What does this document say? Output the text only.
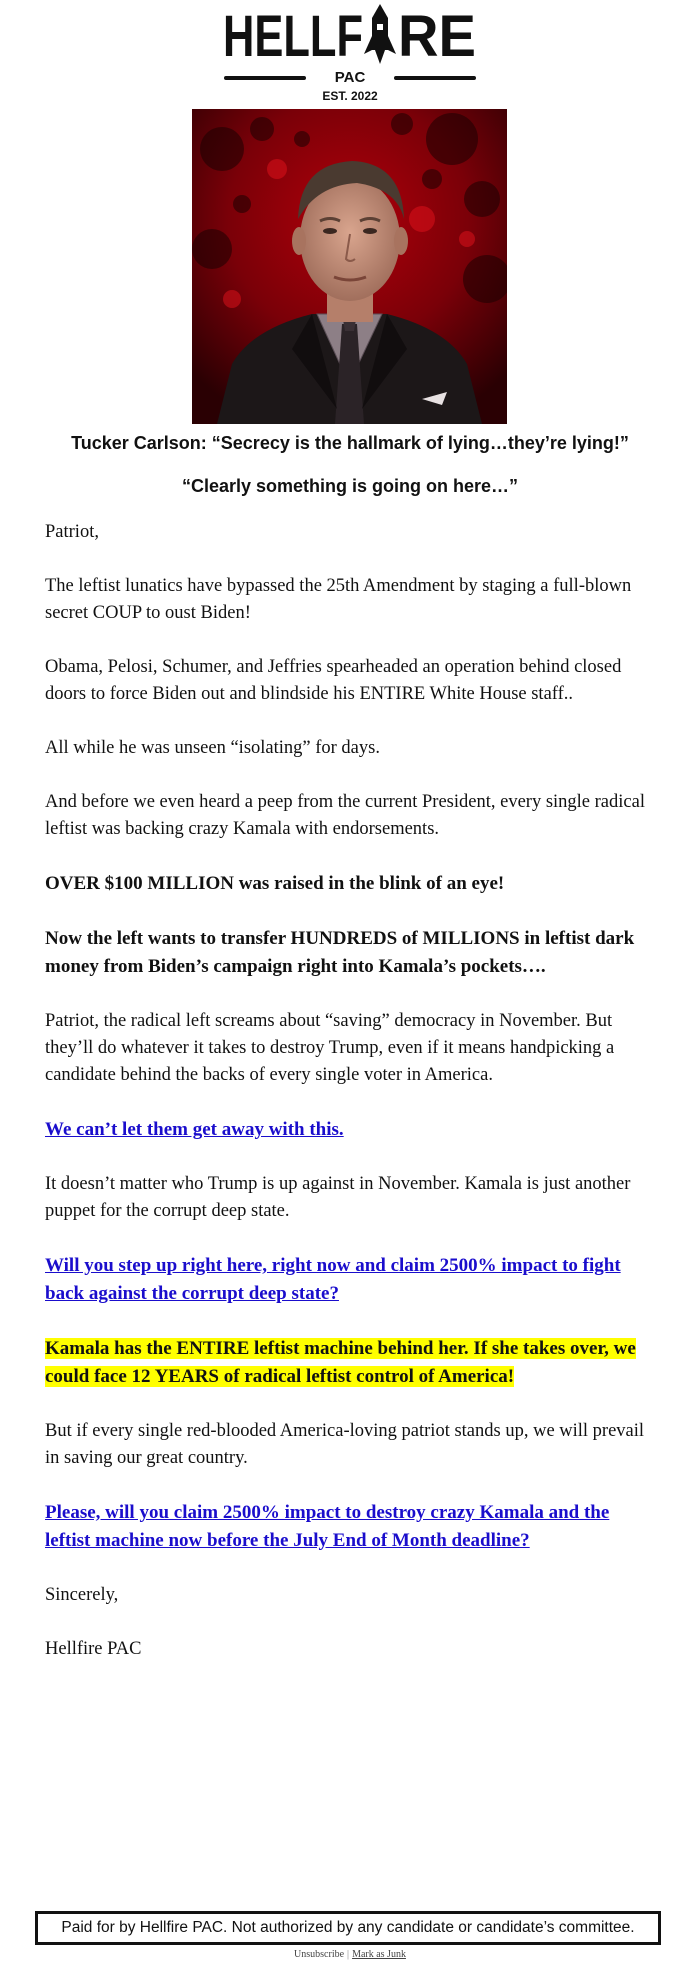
HELLF RE
PAC
EST. 2022
Tucker Carlson: “Secrecy is the hallmark of lying…they’re lying!”
“Clearly something is going on here…”

Patriot,

The leftist lunatics have bypassed the 25th Amendment by staging a full-blown secret COUP to oust Biden!

Obama, Pelosi, Schumer, and Jeffries spearheaded an operation behind closed doors to force Biden out and blindside his ENTIRE White House staff..

All while he was unseen “isolating” for days.

And before we even heard a peep from the current President, every single radical leftist was backing crazy Kamala with endorsements.

OVER $100 MILLION was raised in the blink of an eye!

Now the left wants to transfer HUNDREDS of MILLIONS in leftist dark money from Biden’s campaign right into Kamala’s pockets….

Patriot, the radical left screams about “saving” democracy in November. But they’ll do whatever it takes to destroy Trump, even if it means handpicking a candidate behind the backs of every single voter in America.

We can’t let them get away with this.

It doesn’t matter who Trump is up against in November. Kamala is just another puppet for the corrupt deep state.

Will you step up right here, right now and claim 2500% impact to fight back against the corrupt deep state?

Kamala has the ENTIRE leftist machine behind her. If she takes over, we could face 12 YEARS of radical leftist control of America!

But if every single red-blooded America-loving patriot stands up, we will prevail in saving our great country.

Please, will you claim 2500% impact to destroy crazy Kamala and the leftist machine now before the July End of Month deadline?

Sincerely,

Hellfire PAC

Paid for by Hellfire PAC. Not authorized by any candidate or candidate’s committee.
Unsubscribe | Mark as Junk
